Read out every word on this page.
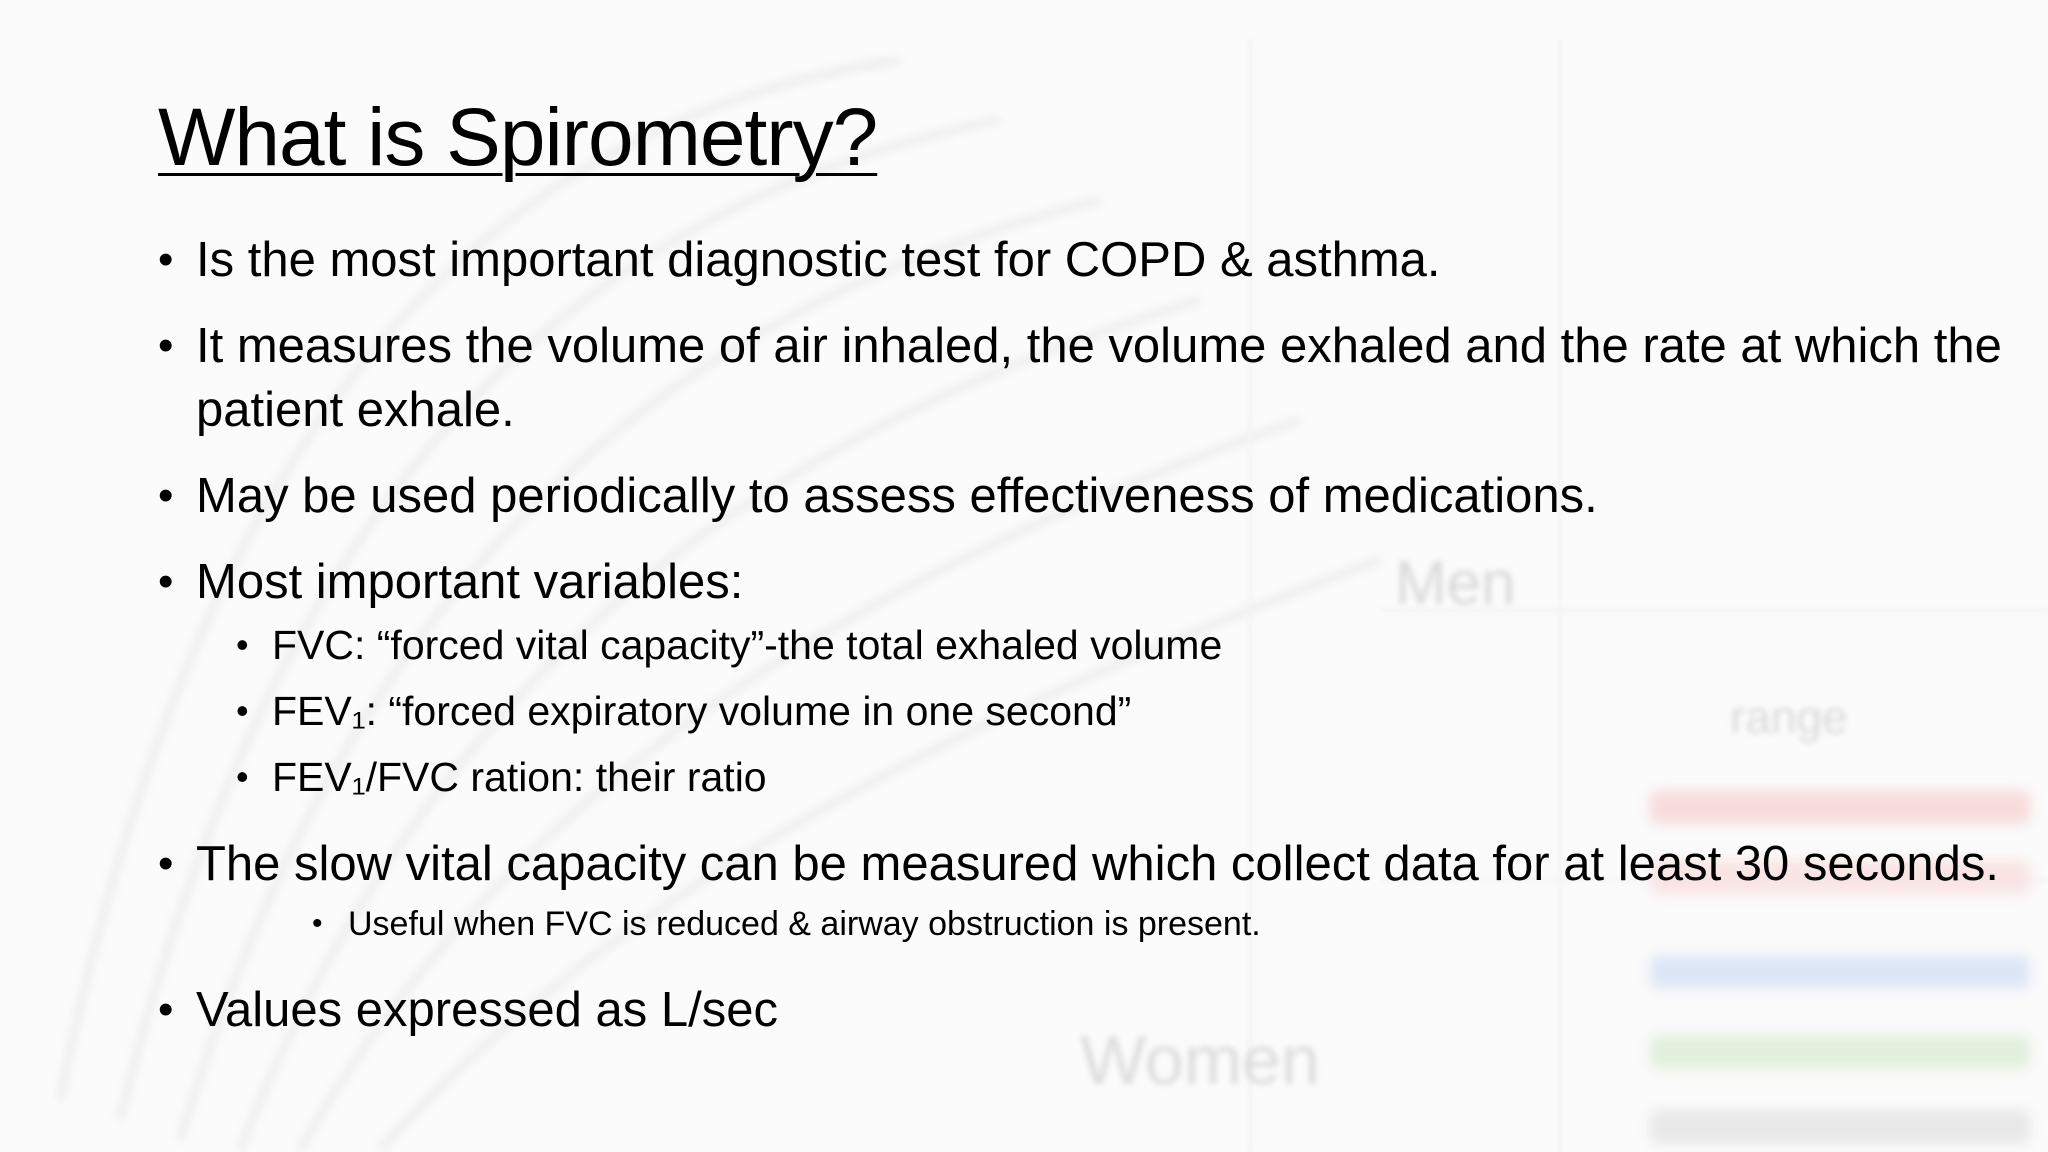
Men
range
Women
What is Spirometry?
• Is the most important diagnostic test for COPD & asthma.
• It measures the volume of air inhaled, the volume exhaled and the rate at which the patient exhale.
• May be used periodically to assess effectiveness of medications.
• Most important variables:
• FVC: “forced vital capacity”-the total exhaled volume
• FEV₁: “forced expiratory volume in one second”
• FEV₁/FVC ration: their ratio
• The slow vital capacity can be measured which collect data for at least 30 seconds.
• Useful when FVC is reduced & airway obstruction is present.
• Values expressed as L/sec
